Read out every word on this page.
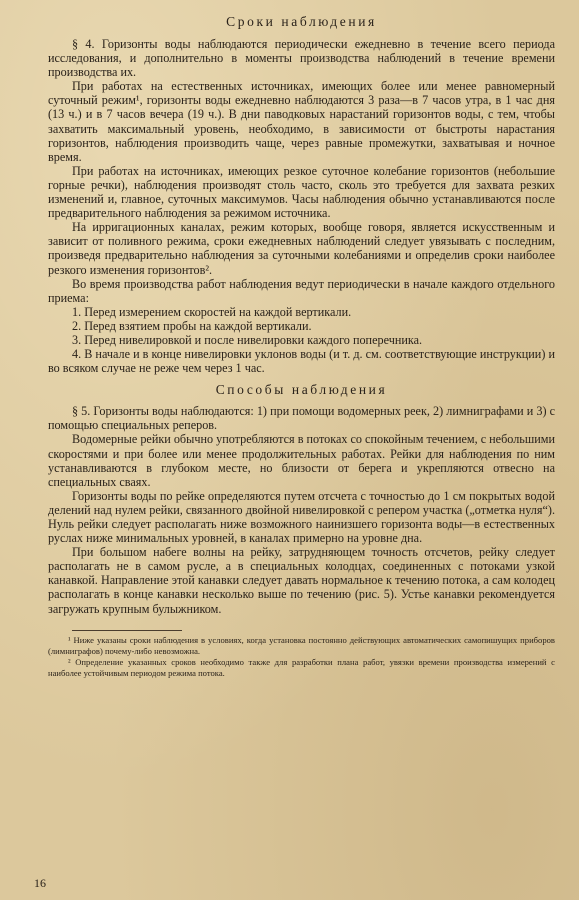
Сроки наблюдения

§ 4. Горизонты воды наблюдаются периодически ежедневно в течение всего периода исследования, и дополнительно в моменты производства наблюдений в течение времени производства их.

При работах на естественных источниках, имеющих более или менее равномерный суточный режим¹, горизонты воды ежедневно наблюдаются 3 раза—в 7 часов утра, в 1 час дня (13 ч.) и в 7 часов вечера (19 ч.). В дни паводковых нарастаний горизонтов воды, с тем, чтобы захватить максимальный уровень, необходимо, в зависимости от быстроты нарастания горизонтов, наблюдения производить чаще, через равные промежутки, захватывая и ночное время.

При работах на источниках, имеющих резкое суточное колебание горизонтов (небольшие горные речки), наблюдения производят столь часто, сколь это требуется для захвата резких изменений и, главное, суточных максимумов. Часы наблюдения обычно устанавливаются после предварительного наблюдения за режимом источника.

На ирригационных каналах, режим которых, вообще говоря, является искусственным и зависит от поливного режима, сроки ежедневных наблюдений следует увязывать с последним, произведя предварительно наблюдения за суточными колебаниями и определив сроки наиболее резкого изменения горизонтов².

Во время производства работ наблюдения ведут периодически в начале каждого отдельного приема:

1. Перед измерением скоростей на каждой вертикали.

2. Перед взятием пробы на каждой вертикали.

3. Перед нивелировкой и после нивелировки каждого поперечника.

4. В начале и в конце нивелировки уклонов воды (и т. д. см. соответствующие инструкции) и во всяком случае не реже чем через 1 час.

Способы наблюдения

§ 5. Горизонты воды наблюдаются: 1) при помощи водомерных реек, 2) лимниграфами и 3) с помощью специальных реперов.

Водомерные рейки обычно употребляются в потоках со спокойным течением, с небольшими скоростями и при более или менее продолжительных работах. Рейки для наблюдения по ним устанавливаются в глубоком месте, но близости от берега и укрепляются отвесно на специальных сваях.

Горизонты воды по рейке определяются путем отсчета с точностью до 1 см покрытых водой делений над нулем рейки, связанного двойной нивелировкой с репером участка („отметка нуля“). Нуль рейки следует располагать ниже возможного наинизшего горизонта воды—в естественных руслах ниже минимальных уровней, в каналах примерно на уровне дна.

При большом набеге волны на рейку, затрудняющем точность отсчетов, рейку следует располагать не в самом русле, а в специальных колодцах, соединенных с потоками узкой канавкой. Направление этой канавки следует давать нормальное к течению потока, а сам колодец располагать в конце канавки несколько выше по течению (рис. 5). Устье канавки рекомендуется загружать крупным булыжником.

¹ Ниже указаны сроки наблюдения в условиях, когда установка постоянно действующих автоматических самопишущих приборов (лимниграфов) почему-либо невозможна.

² Определение указанных сроков необходимо также для разработки плана работ, увязки времени производства измерений с наиболее устойчивым периодом режима потока.

16
